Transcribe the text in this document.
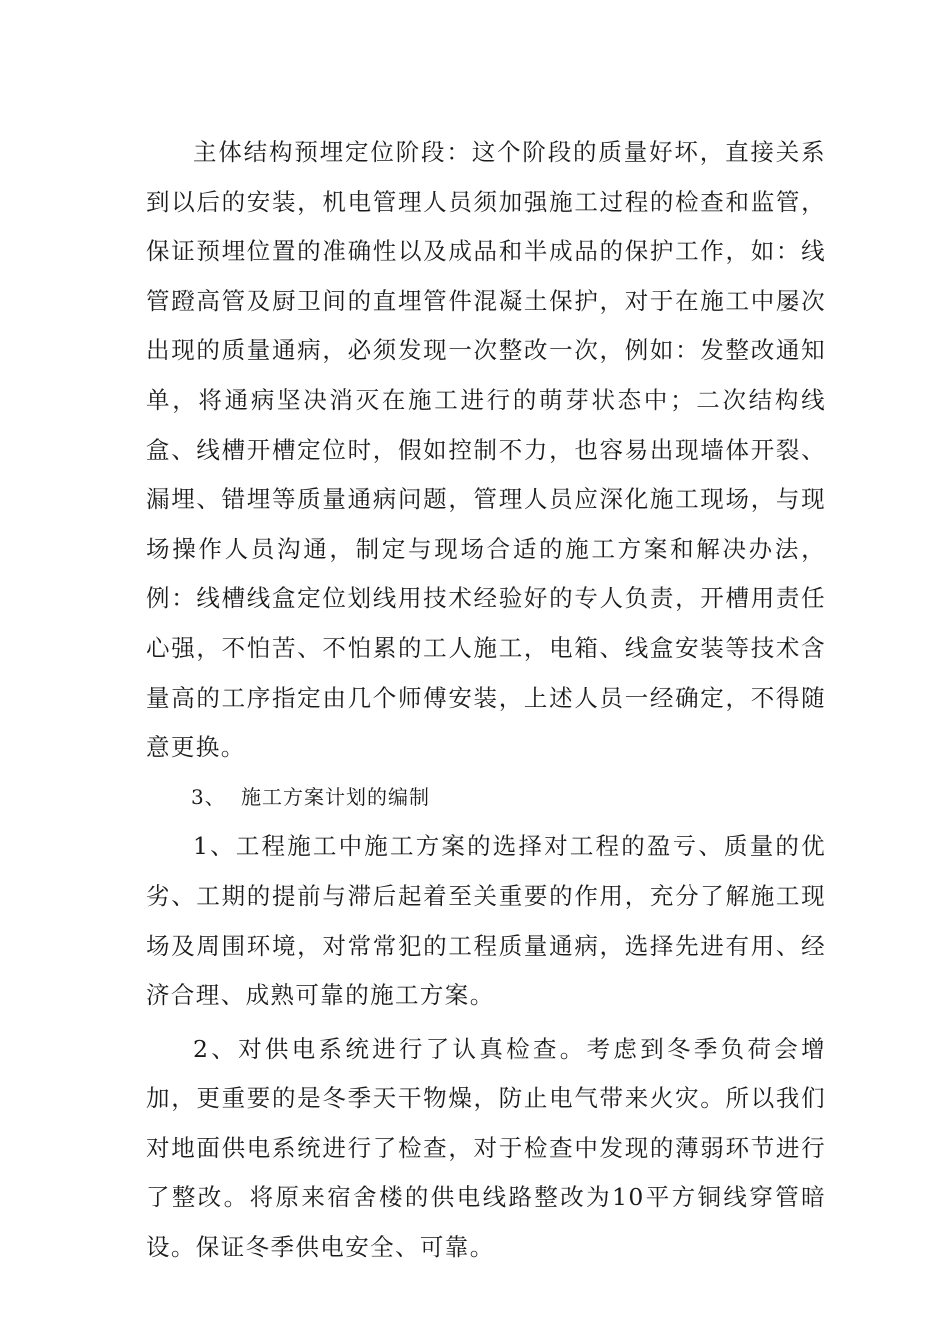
主体结构预埋定位阶段：这个阶段的质量好坏，直接关系到以后的安装，机电管理人员须加强施工过程的检查和监管，保证预埋位置的准确性以及成品和半成品的保护工作，如：线管蹬高管及厨卫间的直埋管件混凝土保护，对于在施工中屡次出现的质量通病，必须发现一次整改一次，例如：发整改通知单，将通病坚决消灭在施工进行的萌芽状态中；二次结构线盒、线槽开槽定位时，假如控制不力，也容易出现墙体开裂、漏埋、错埋等质量通病问题，管理人员应深化施工现场，与现场操作人员沟通，制定与现场合适的施工方案和解决办法，例：线槽线盒定位划线用技术经验好的专人负责，开槽用责任心强，不怕苦、不怕累的工人施工，电箱、线盒安装等技术含量高的工序指定由几个师傅安装，上述人员一经确定，不得随意更换。

3、 施工方案计划的编制

1、工程施工中施工方案的选择对工程的盈亏、质量的优劣、工期的提前与滞后起着至关重要的作用，充分了解施工现场及周围环境，对常常犯的工程质量通病，选择先进有用、经济合理、成熟可靠的施工方案。

2、对供电系统进行了认真检查。考虑到冬季负荷会增加，更重要的是冬季天干物燥，防止电气带来火灾。所以我们对地面供电系统进行了检查，对于检查中发现的薄弱环节进行了整改。将原来宿舍楼的供电线路整改为10平方铜线穿管暗设。保证冬季供电安全、可靠。
